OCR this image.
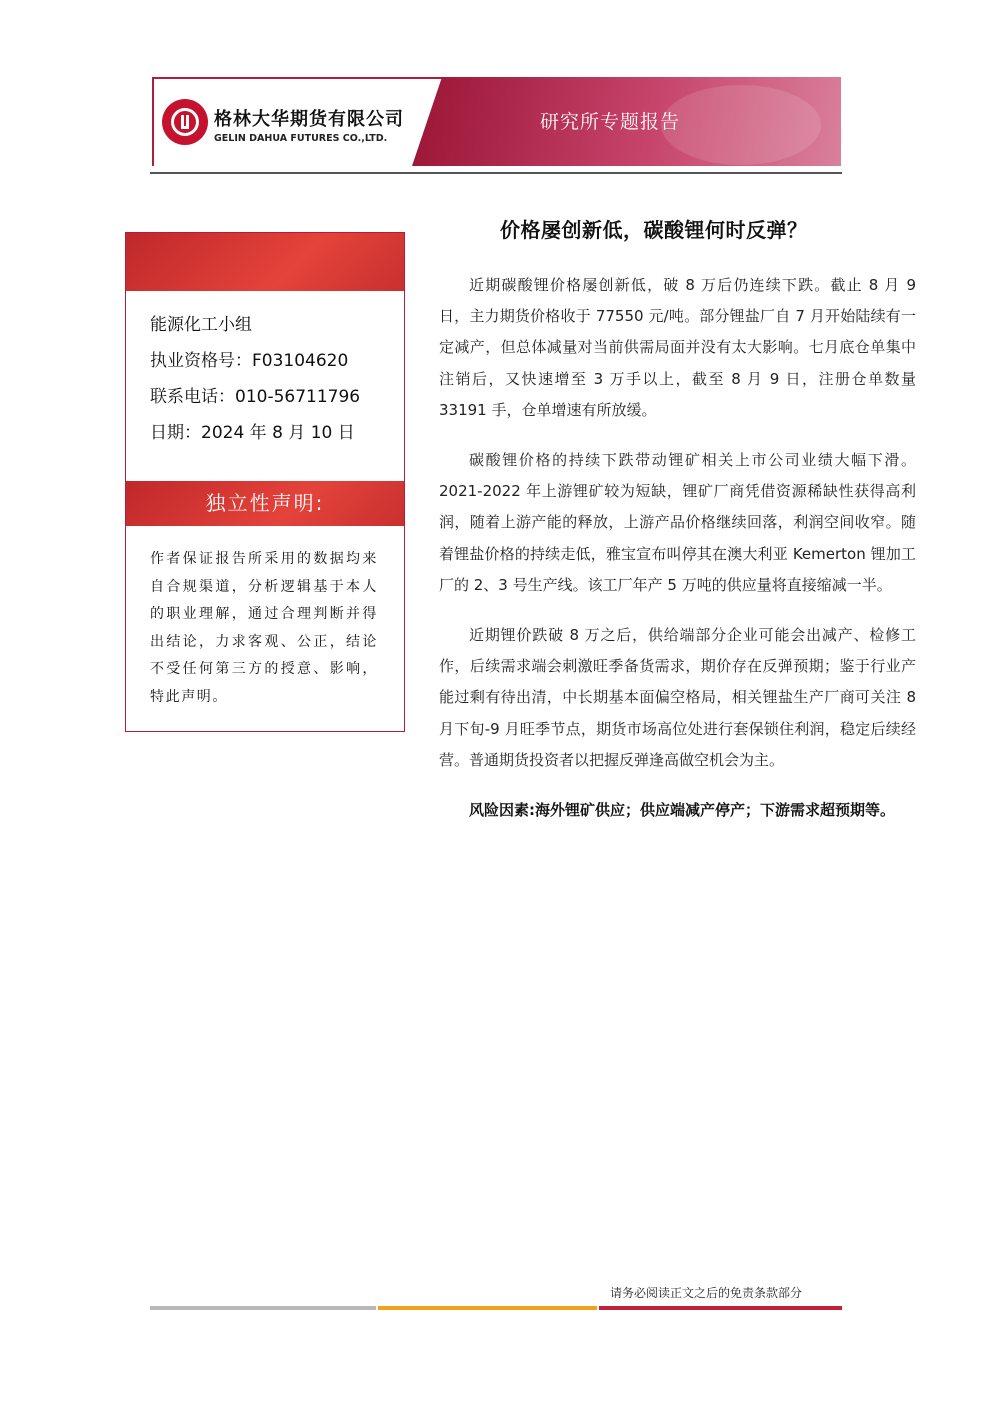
格林大华期货有限公司
GELIN DAHUA FUTURES CO.,LTD.
研究所专题报告
能源化工小组
执业资格号：F03104620
联系电话：010-56711796
日期：2024 年 8 月 10 日
独立性声明:
作者保证报告所采用的数据均来自合规渠道，分析逻辑基于本人的职业理解，通过合理判断并得出结论，力求客观、公正，结论不受任何第三方的授意、影响，特此声明。
价格屡创新低，碳酸锂何时反弹？

近期碳酸锂价格屡创新低，破 8 万后仍连续下跌。截止 8 月 9 日，主力期货价格收于 77550 元/吨。部分锂盐厂自 7 月开始陆续有一定减产，但总体减量对当前供需局面并没有太大影响。七月底仓单集中注销后，又快速增至 3 万手以上，截至 8 月 9 日，注册仓单数量 33191 手，仓单增速有所放缓。

碳酸锂价格的持续下跌带动锂矿相关上市公司业绩大幅下滑。2021-2022 年上游锂矿较为短缺，锂矿厂商凭借资源稀缺性获得高利润，随着上游产能的释放，上游产品价格继续回落，利润空间收窄。随着锂盐价格的持续走低，雅宝宣布叫停其在澳大利亚 Kemerton 锂加工厂的 2、3 号生产线。该工厂年产 5 万吨的供应量将直接缩减一半。

近期锂价跌破 8 万之后，供给端部分企业可能会出减产、检修工作，后续需求端会刺激旺季备货需求，期价存在反弹预期；鉴于行业产能过剩有待出清，中长期基本面偏空格局，相关锂盐生产厂商可关注 8 月下旬-9 月旺季节点，期货市场高位处进行套保锁住利润，稳定后续经营。普通期货投资者以把握反弹逢高做空机会为主。

风险因素:海外锂矿供应；供应端减产停产；下游需求超预期等。

请务必阅读正文之后的免责条款部分
